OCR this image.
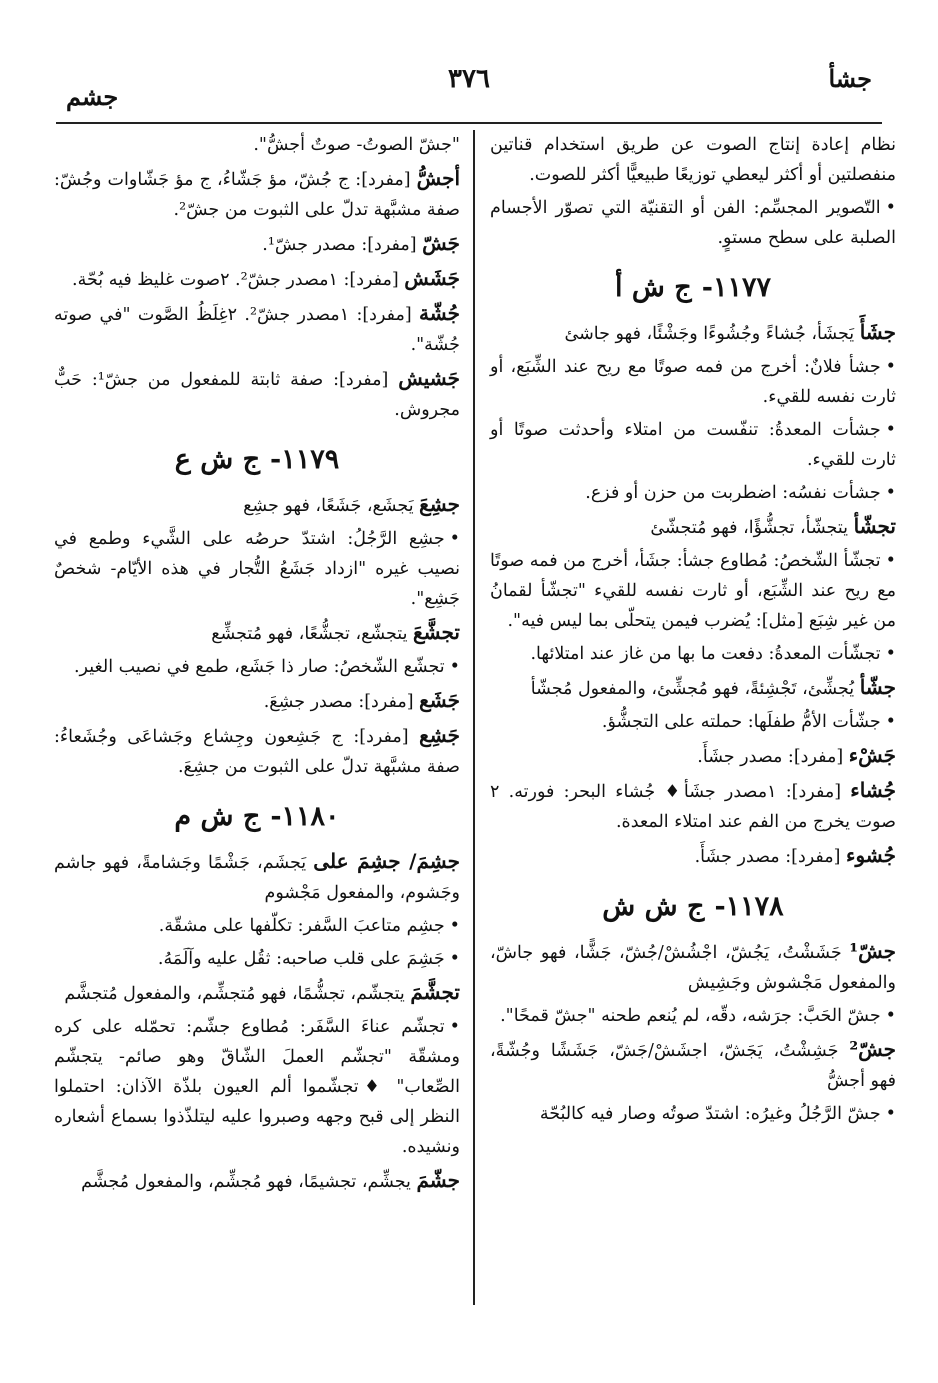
جشأ
٣٧٦
جشم

نظام إعادة إنتاج الصوت عن طريق استخدام قناتين منفصلتين أو أكثر ليعطي توزيعًا طبيعيًّا أكثر للصوت.

•التّصوير المجسِّم: الفن أو التقنيّة التي تصوّر الأجسام الصلبة على سطح مستوٍ.

١١٧٧-ج ش أ

جشَأَ يَجشَأ، جُشاءً وجُشُوءًا وجَشْئًا، فهو جاشئ

•جشأ فلانٌ: أخرج من فمه صوتًا مع ريح عند الشِّبَع، أو ثارت نفسه للقيء.

•جشأت المعدةُ: تنفّست من امتلاء وأحدثت صوتًا أو ثارت للقيء.

•جشأت نفسُه: اضطربت من حزن أو فزع.

تجشّأ يتجشّأ، تجشُّؤًا، فهو مُتجشّئ

•تجشّأ الشّخصُ: مُطاوع جشأ: جشَأ، أخرج من فمه صوتًا مع ريح عند الشِّبَع، أو ثارت نفسه للقيء "تجشّأ لقمانُ من غير شِبَع [مثل]: يُضرب فيمن يتحلّى بما ليس فيه".

•تجشّأت المعدةُ: دفعت ما بها من غاز عند امتلائها.

جشّأ يُجشِّئ، تَجْشِئةً، فهو مُجشِّئ، والمفعول مُجشّأ

•جشّأت الأمُّ طفلَها: حملته على التجشُّؤ.

جَشْء [مفرد]: مصدر جشَأَ.

جُشاء [مفرد]: ١مصدر جشَأ♦ جُشاء البحر: فورته. ٢ صوت يخرج من الفم عند امتلاء المعدة.

جُشوء [مفرد]: مصدر جشَأَ.

١١٧٨-ج ش ش

جشّ¹ جَشَشْتُ، يَجُشّ، اجْشُشْ/جُشّ، جَشًّا، فهو جاشّ، والمفعول مَجْشوش وجَشِيش

•جشّ الحَبَّ: جرَشه، دقّه، لم يُنعم طحنه "جشّ قمحًا".

جشّ² جَشِشْتُ، يَجَشّ، اجشَشْ/جَشّ، جَشَشًا وجُشّةً، فهو أجشُّ

•جشّ الرَّجُلُ وغيرُه: اشتدّ صوتُه وصار فيه كالبُحّة

"جشّ الصوتُ- صوتٌ أجشُّ".

أجشُّ [مفرد]: ج جُشّ، مؤ جَشّاءُ، ج مؤ جَشّاوات وجُشّ: صفة مشبَّهة تدلّ على الثبوت من جشّ².

جَشّ [مفرد]: مصدر جشّ¹.

جَشَش [مفرد]: ١مصدر جشّ². ٢صوت غليظ فيه بُحّة.

جُشّة [مفرد]: ١مصدر جشّ². ٢غِلَظُ الصَّوت "في صوته جُشّة".

جَشيش [مفرد]: صفة ثابتة للمفعول من جشّ¹: حَبٌّ مجروش.

١١٧٩-ج ش ع

جشِعَ يَجشَع، جَشَعًا، فهو جشِع

•جشِع الرَّجُلُ: اشتدّ حرصُه على الشَّيء وطمع في نصيب غيره "ازداد جَشَعُ التُّجار في هذه الأيّام- شخصٌ جَشِع".

تجشَّعَ يتجشّع، تجشُّعًا، فهو مُتجشِّع

•تجشّع الشّخصُ: صار ذا جَشَع، طمع في نصيب الغير.

جَشَع [مفرد]: مصدر جشِعَ.

جَشِع [مفرد]: ج جَشِعون وجِشاع وجَشاعَى وجُشَعاءُ: صفة مشبَّهة تدلّ على الثبوت من جشِعَ.

١١٨٠-ج ش م

جشِمَ/ جشِمَ على يَجشَم، جَشْمًا وجَشامةً، فهو جاشم وجَشوم، والمفعول مَجْشوم

•جشِم متاعبَ السَّفر: تكلّفها على مشقّة.

•جَشِمَ على قلب صاحبه: ثقُل عليه وآلَمَهُ.

تجشَّمَ يتجشّم، تجشُّمًا، فهو مُتجشِّم، والمفعول مُتجشَّم

•تجشّم عناءَ السَّفَر: مُطاوع جشّم: تحمّله على كره ومشقّة "تجشّم العملَ الشّاقّ وهو صائم- يتجشّم الصِّعاب" ♦تجشّموا ألم العيون بلذّة الآذان: احتملوا النظر إلى قبح وجهه وصبروا عليه ليتلذّذوا بسماع أشعاره ونشيده.

جشّمَ يجشِّم، تجشيمًا، فهو مُجشِّم، والمفعول مُجشَّم
